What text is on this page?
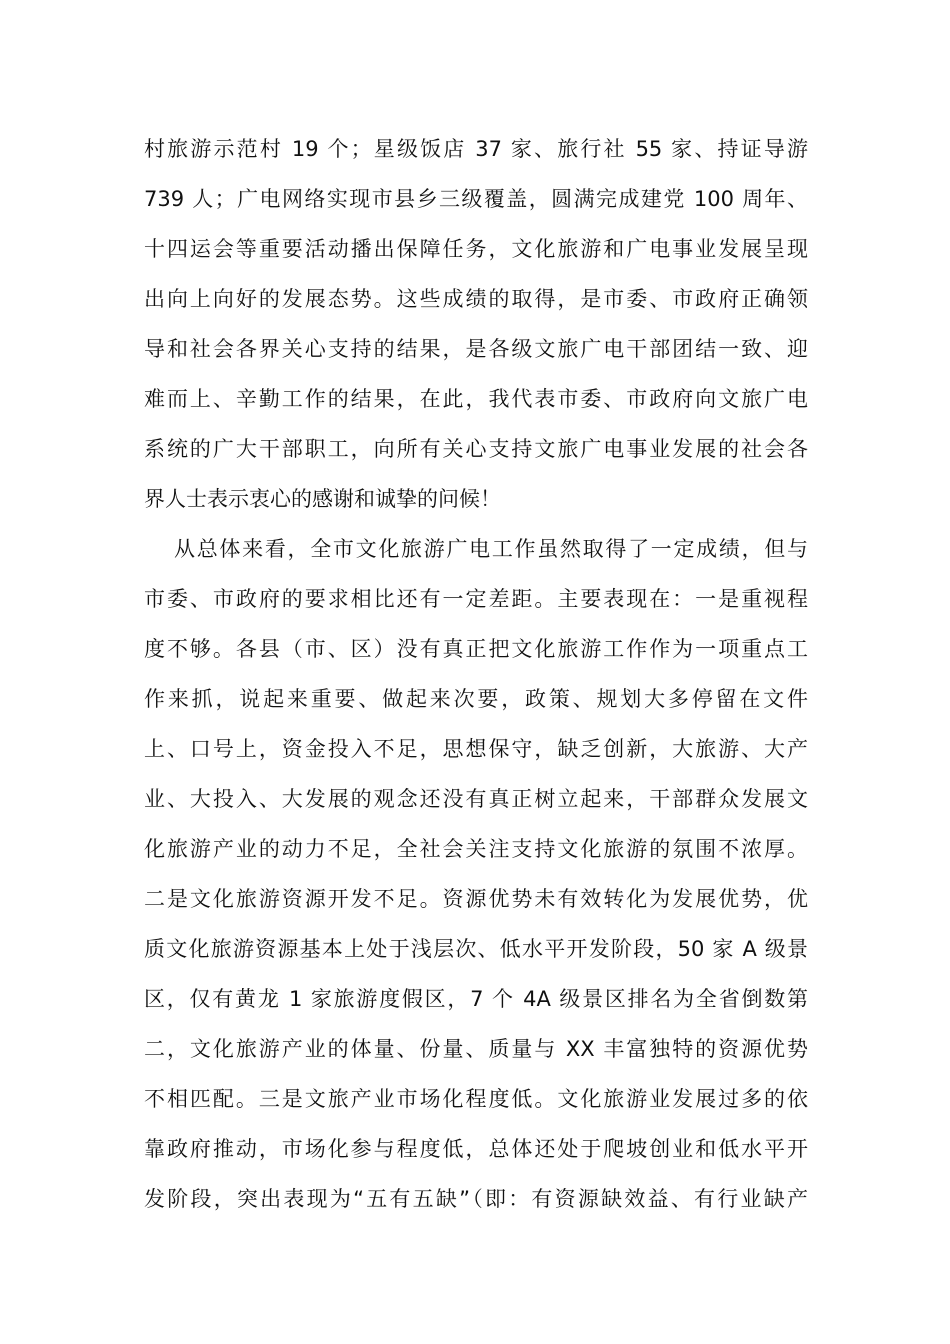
村旅游示范村 19 个；星级饭店 37 家、旅行社 55 家、持证导游
739 人；广电网络实现市县乡三级覆盖，圆满完成建党 100 周年、
十四运会等重要活动播出保障任务，文化旅游和广电事业发展呈现
出向上向好的发展态势。这些成绩的取得，是市委、市政府正确领
导和社会各界关心支持的结果，是各级文旅广电干部团结一致、迎
难而上、辛勤工作的结果，在此，我代表市委、市政府向文旅广电
系统的广大干部职工，向所有关心支持文旅广电事业发展的社会各
界人士表示衷心的感谢和诚挚的问候！
从总体来看，全市文化旅游广电工作虽然取得了一定成绩，但与
市委、市政府的要求相比还有一定差距。主要表现在：一是重视程
度不够。各县（市、区）没有真正把文化旅游工作作为一项重点工
作来抓，说起来重要、做起来次要，政策、规划大多停留在文件
上、口号上，资金投入不足，思想保守，缺乏创新，大旅游、大产
业、大投入、大发展的观念还没有真正树立起来，干部群众发展文
化旅游产业的动力不足，全社会关注支持文化旅游的氛围不浓厚。
二是文化旅游资源开发不足。资源优势未有效转化为发展优势，优
质文化旅游资源基本上处于浅层次、低水平开发阶段，50 家 A 级景
区，仅有黄龙 1 家旅游度假区，7 个 4A 级景区排名为全省倒数第
二，文化旅游产业的体量、份量、质量与 XX 丰富独特的资源优势
不相匹配。三是文旅产业市场化程度低。文化旅游业发展过多的依
靠政府推动，市场化参与程度低，总体还处于爬坡创业和低水平开
发阶段，突出表现为“五有五缺”（即：有资源缺效益、有行业缺产
